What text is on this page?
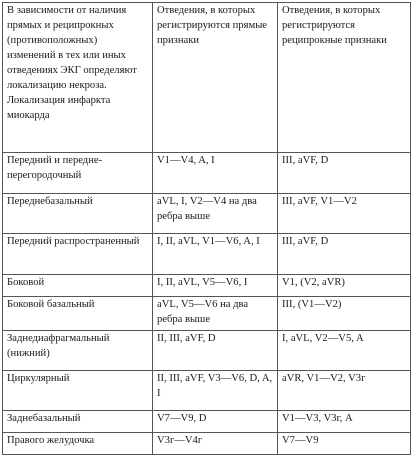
В зависимости от наличия прямых и реципрокных (противоположных) изменений в тех или иных отведениях ЭКГ определяют локализацию некроза. Локализация инфаркта миокарда	Отведения, в которых регистрируются прямые признаки	Отведения, в которых регистрируются реципрокные признаки
Передний и передне-перегородочный	V1—V4, A, I	III, aVF, D
Переднебазальный	aVL, I, V2—V4 на два ребра выше	III, aVF, V1—V2
Передний распространенный	I, II, aVL, V1—V6, A, I	III, aVF, D
Боковой	I, II, aVL, V5—V6, I	V1, (V2, aVR)
Боковой базальный	aVL, V5—V6 на два ребра выше	III, (V1—V2)
Заднедиафрагмальный (нижний)	II, III, aVF, D	I, aVL, V2—V5, A
Циркулярный	II, III, aVF, V3—V6, D, A, I	aVR, V1—V2, V3г
Заднебазальный	V7—V9, D	V1—V3, V3г, A
Правого желудочка	V3г—V4г	V7—V9
